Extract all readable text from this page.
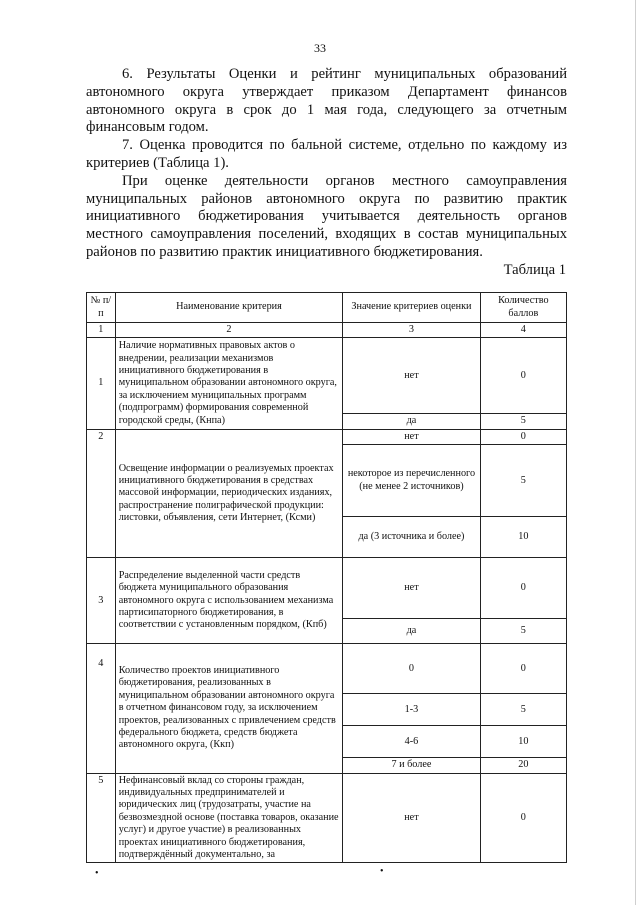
33

6. Результаты Оценки и рейтинг муниципальных образований автономного округа утверждает приказом Департамент финансов автономного округа в срок до 1 мая года, следующего за отчетным финансовым годом.

7. Оценка проводится по бальной системе, отдельно по каждому из критериев (Таблица 1).

При оценке деятельности органов местного самоуправления муниципальных районов автономного округа по развитию практик инициативного бюджетирования учитывается деятельность органов местного самоуправления поселений, входящих в состав муниципальных районов по развитию практик инициативного бюджетирования.

Таблица 1
№ п/п	Наименование критерия	Значение критериев оценки	Количество баллов
1	2	3	4
1	Наличие нормативных правовых актов о внедрении, реализации механизмов инициативного бюджетирования в муниципальном образовании автономного округа, за исключением муниципальных программ (подпрограмм) формирования современной городской среды, (Кнпа)	нет	0
		да	5
2	Освещение информации о реализуемых проектах инициативного бюджетирования в средствах массовой информации, периодических изданиях, распространение полиграфической продукции: листовки, объявления, сети Интернет, (Ксми)	нет	0
		некоторое из перечисленного (не менее 2 источников)	5
		да (3 источника и более)	10
3	Распределение выделенной части средств бюджета муниципального образования автономного округа с использованием механизма партисипаторного бюджетирования, в соответствии с установленным порядком, (Кпб)	нет	0
		да	5
4	Количество проектов инициативного бюджетирования, реализованных в муниципальном образовании автономного округа в отчетном финансовом году, за исключением проектов, реализованных с привлечением средств федерального бюджета, средств бюджета автономного округа, (Ккп)	0	0
		1-3	5
		4-6	10
		7 и более	20
5	Нефинансовый вклад со стороны граждан, индивидуальных предпринимателей и юридических лиц (трудозатраты, участие на безвозмездной основе (поставка товаров, оказание услуг) и другое участие) в реализованных проектах инициативного бюджетирования, подтверждённый документально, за	нет	0
•	•
